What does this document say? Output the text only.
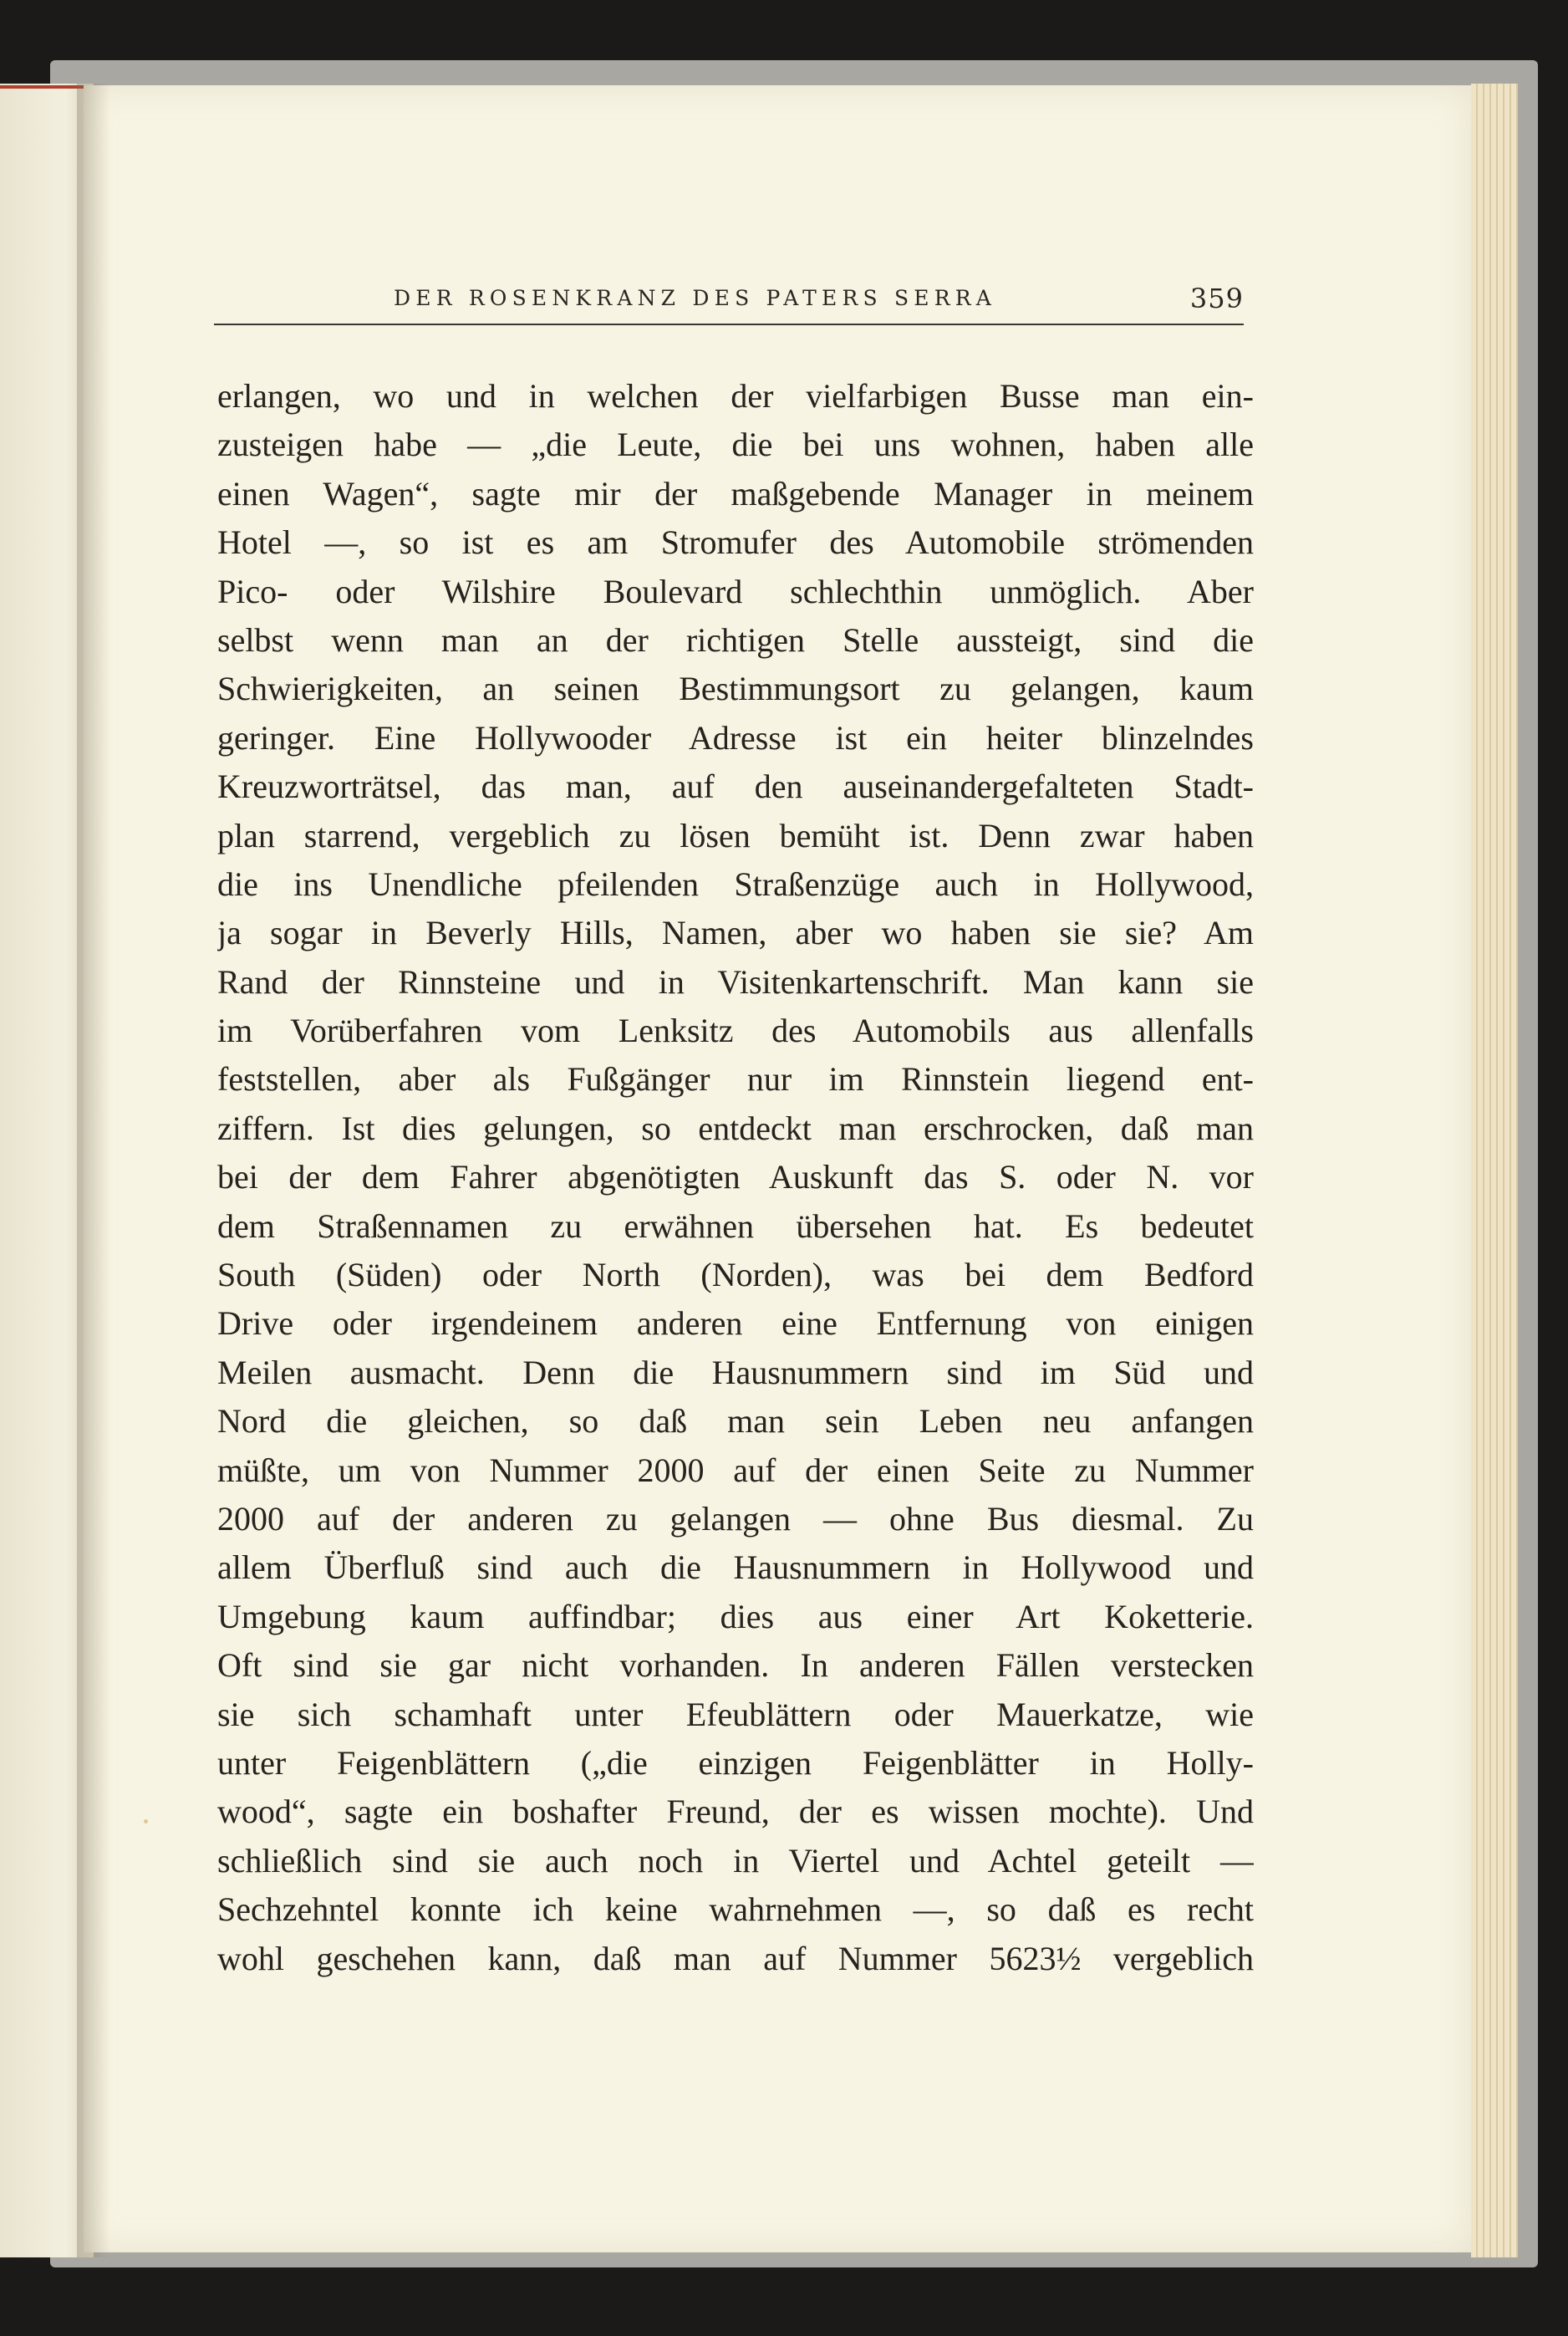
DER ROSENKRANZ DES PATERS SERRA	359
erlangen, wo und in welchen der vielfarbigen Busse man ein-
zusteigen habe — „die Leute, die bei uns wohnen, haben alle
einen Wagen“, sagte mir der maßgebende Manager in meinem
Hotel —, so ist es am Stromufer des Automobile strömenden
Pico- oder Wilshire Boulevard schlechthin unmöglich. Aber
selbst wenn man an der richtigen Stelle aussteigt, sind die
Schwierigkeiten, an seinen Bestimmungsort zu gelangen, kaum
geringer. Eine Hollywooder Adresse ist ein heiter blinzelndes
Kreuzworträtsel, das man, auf den auseinandergefalteten Stadt-
plan starrend, vergeblich zu lösen bemüht ist. Denn zwar haben
die ins Unendliche pfeilenden Straßenzüge auch in Hollywood,
ja sogar in Beverly Hills, Namen, aber wo haben sie sie? Am
Rand der Rinnsteine und in Visitenkartenschrift. Man kann sie
im Vorüberfahren vom Lenksitz des Automobils aus allenfalls
feststellen, aber als Fußgänger nur im Rinnstein liegend ent-
ziffern. Ist dies gelungen, so entdeckt man erschrocken, daß man
bei der dem Fahrer abgenötigten Auskunft das S. oder N. vor
dem Straßennamen zu erwähnen übersehen hat. Es bedeutet
South (Süden) oder North (Norden), was bei dem Bedford
Drive oder irgendeinem anderen eine Entfernung von einigen
Meilen ausmacht. Denn die Hausnummern sind im Süd und
Nord die gleichen, so daß man sein Leben neu anfangen
müßte, um von Nummer 2000 auf der einen Seite zu Nummer
2000 auf der anderen zu gelangen — ohne Bus diesmal. Zu
allem Überfluß sind auch die Hausnummern in Hollywood und
Umgebung kaum auffindbar; dies aus einer Art Koketterie.
Oft sind sie gar nicht vorhanden. In anderen Fällen verstecken
sie sich schamhaft unter Efeublättern oder Mauerkatze, wie
unter Feigenblättern („die einzigen Feigenblätter in Holly-
wood“, sagte ein boshafter Freund, der es wissen mochte). Und
schließlich sind sie auch noch in Viertel und Achtel geteilt —
Sechzehntel konnte ich keine wahrnehmen —, so daß es recht
wohl geschehen kann, daß man auf Nummer 5623½ vergeblich
